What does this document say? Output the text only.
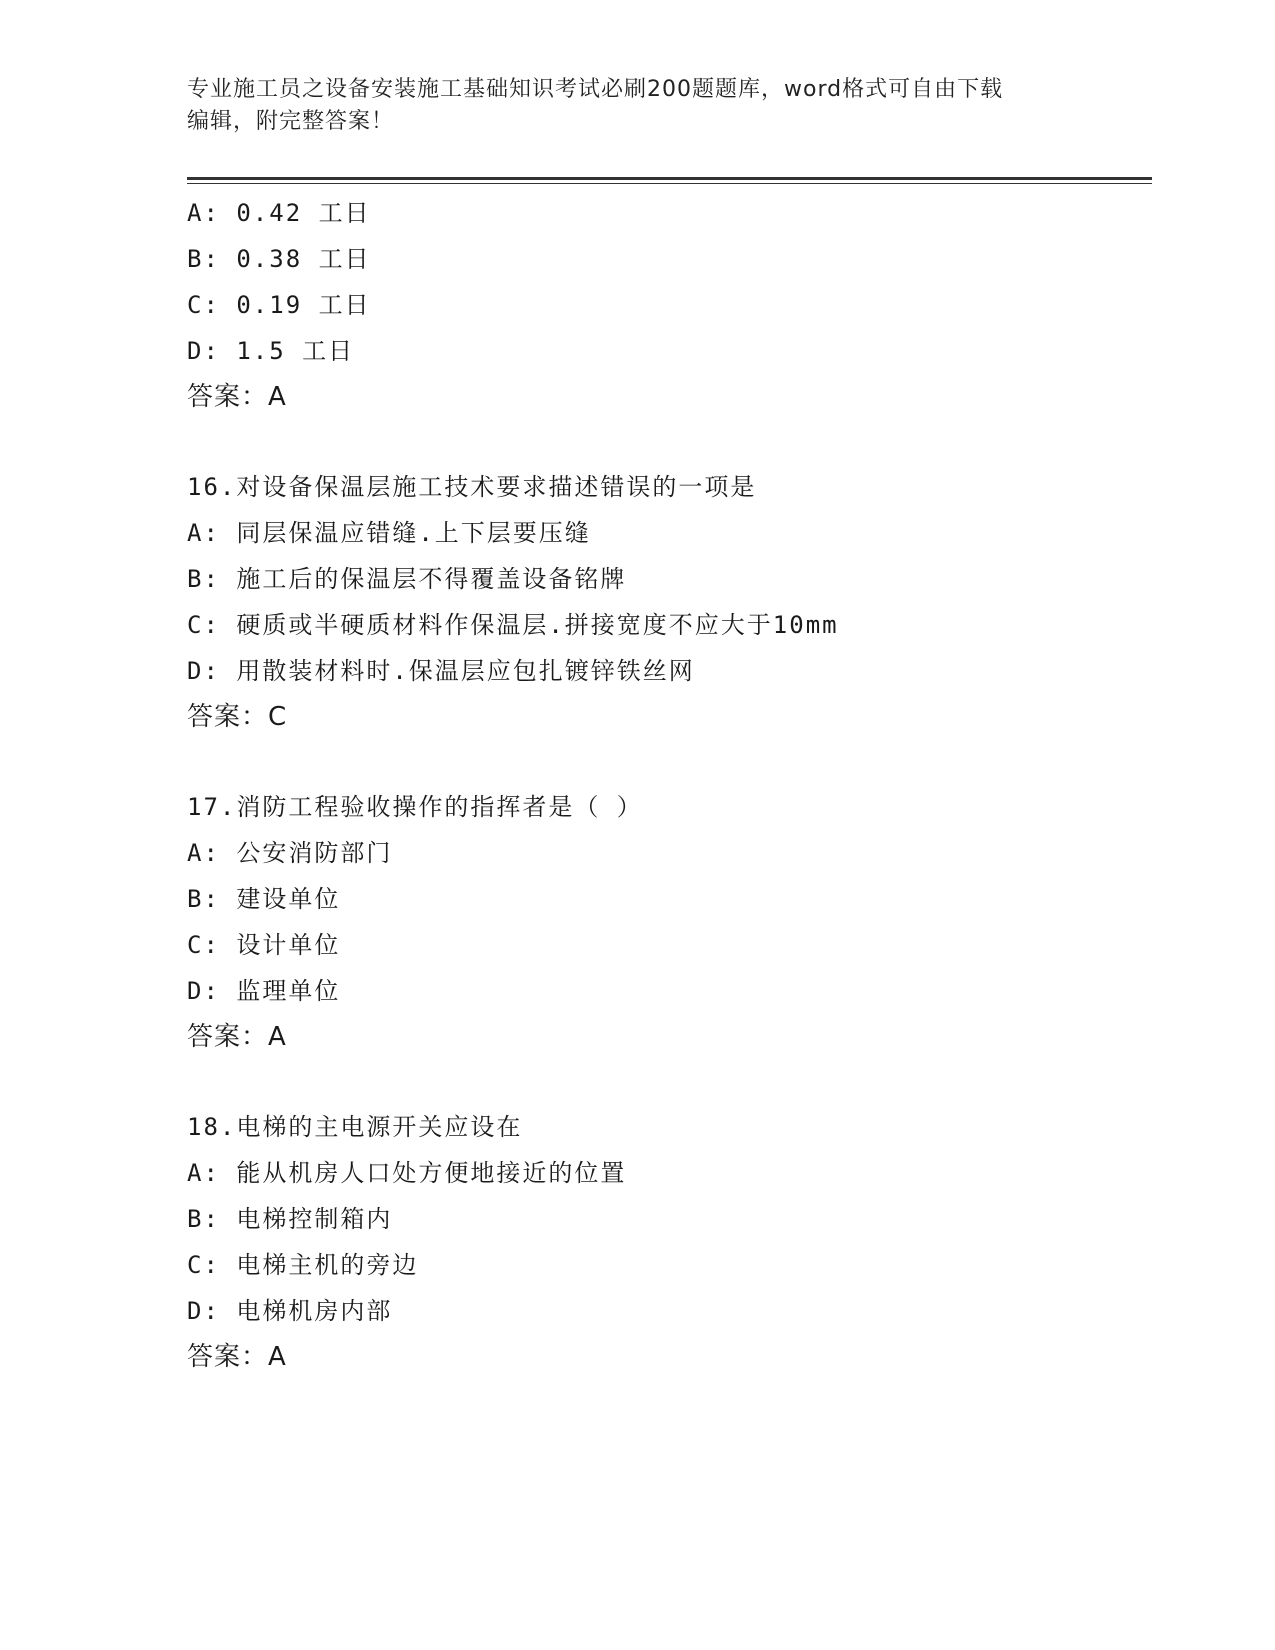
专业施工员之设备安装施工基础知识考试必刷200题题库，word格式可自由下载
编辑，附完整答案！
A: 0.42 工日
B: 0.38 工日
C: 0.19 工日
D: 1.5 工日
答案：A
16.对设备保温层施工技术要求描述错误的一项是
A: 同层保温应错缝.上下层要压缝
B: 施工后的保温层不得覆盖设备铭牌
C: 硬质或半硬质材料作保温层.拼接宽度不应大于10mm
D: 用散装材料时.保温层应包扎镀锌铁丝网
答案：C
17.消防工程验收操作的指挥者是（ ）
A: 公安消防部门
B: 建设单位
C: 设计单位
D: 监理单位
答案：A
18.电梯的主电源开关应设在
A: 能从机房人口处方便地接近的位置
B: 电梯控制箱内
C: 电梯主机的旁边
D: 电梯机房内部
答案：A
